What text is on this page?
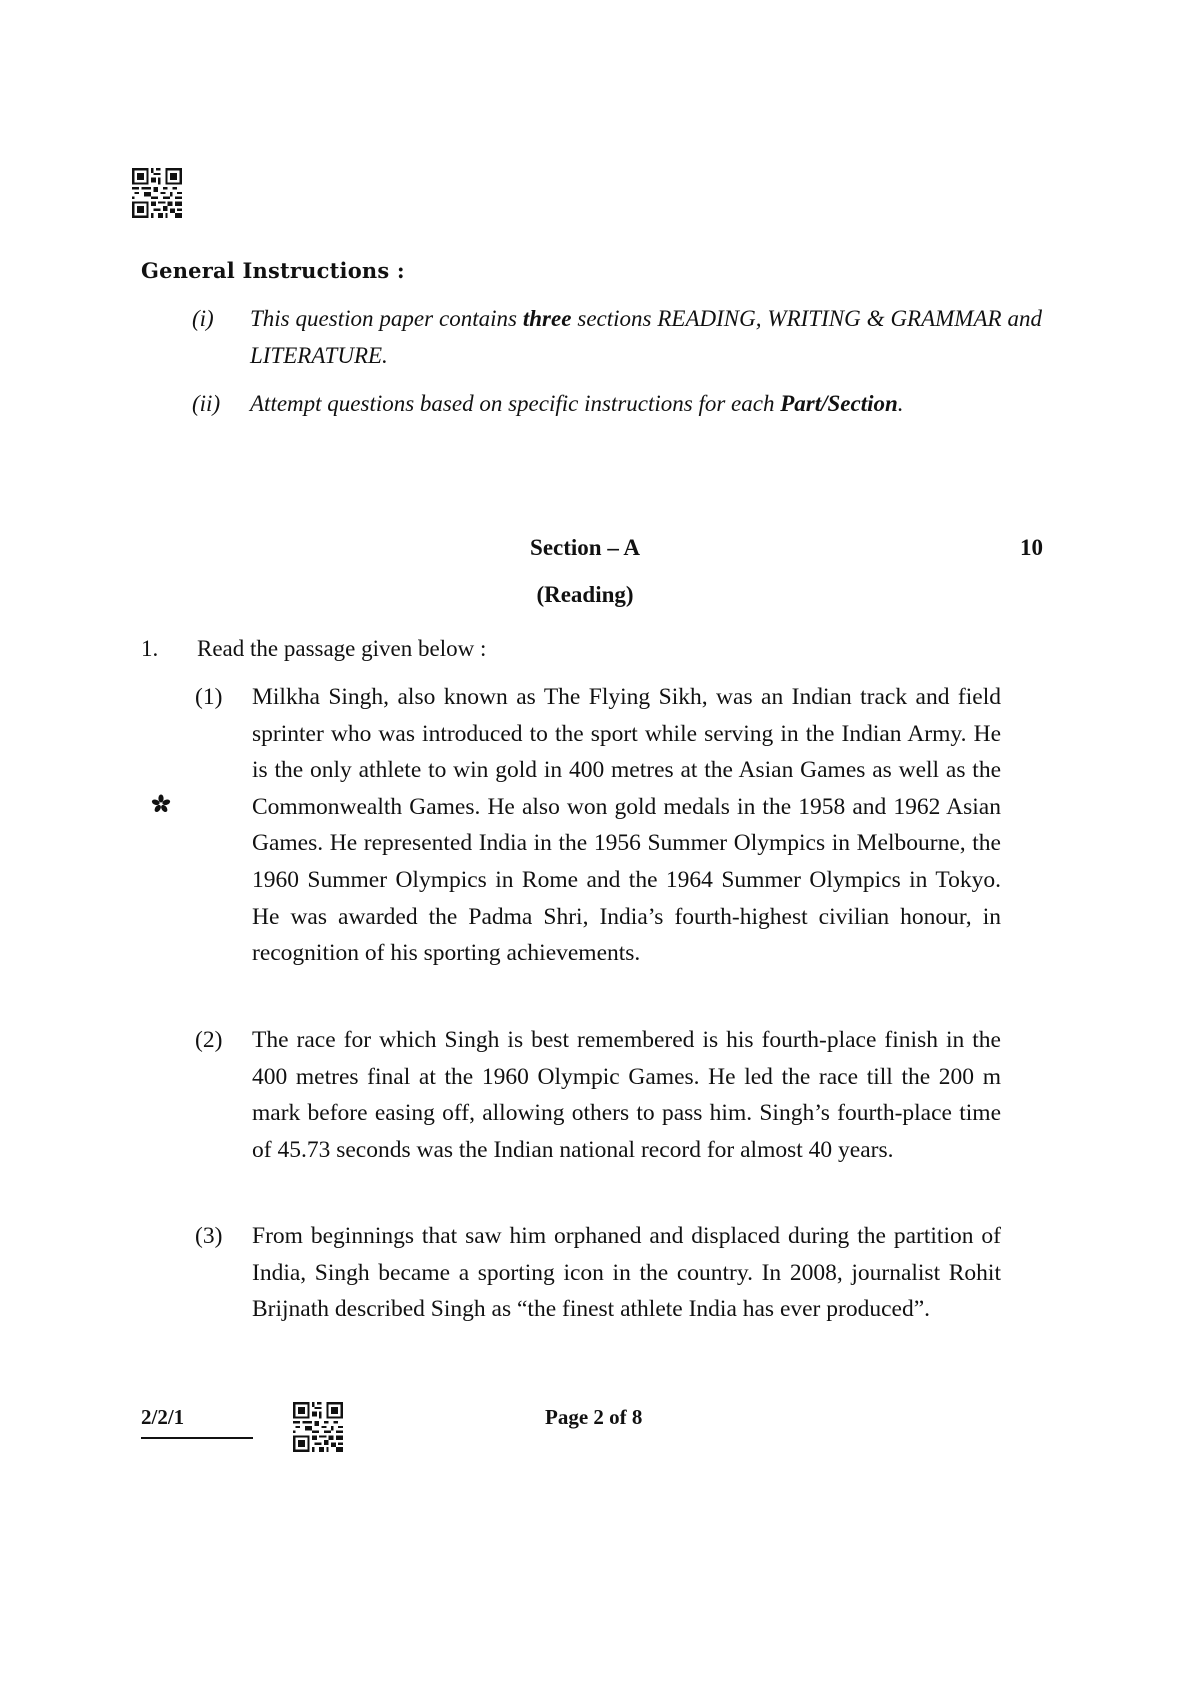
General Instructions :
(i) This question paper contains three sections READING, WRITING & GRAMMAR and LITERATURE.
(ii) Attempt questions based on specific instructions for each Part/Section.
Section – A	10
(Reading)
1. Read the passage given below :
(1) Milkha Singh, also known as The Flying Sikh, was an Indian track and field sprinter who was introduced to the sport while serving in the Indian Army. He is the only athlete to win gold in 400 metres at the Asian Games as well as the Commonwealth Games. He also won gold medals in the 1958 and 1962 Asian Games. He represented India in the 1956 Summer Olympics in Melbourne, the 1960 Summer Olympics in Rome and the 1964 Summer Olympics in Tokyo. He was awarded the Padma Shri, India’s fourth-highest civilian honour, in recognition of his sporting achievements.
(2) The race for which Singh is best remembered is his fourth-place finish in the 400 metres final at the 1960 Olympic Games. He led the race till the 200 m mark before easing off, allowing others to pass him. Singh’s fourth-place time of 45.73 seconds was the Indian national record for almost 40 years.
(3) From beginnings that saw him orphaned and displaced during the partition of India, Singh became a sporting icon in the country. In 2008, journalist Rohit Brijnath described Singh as “the finest athlete India has ever produced”.
2/2/1	Page 2 of 8
